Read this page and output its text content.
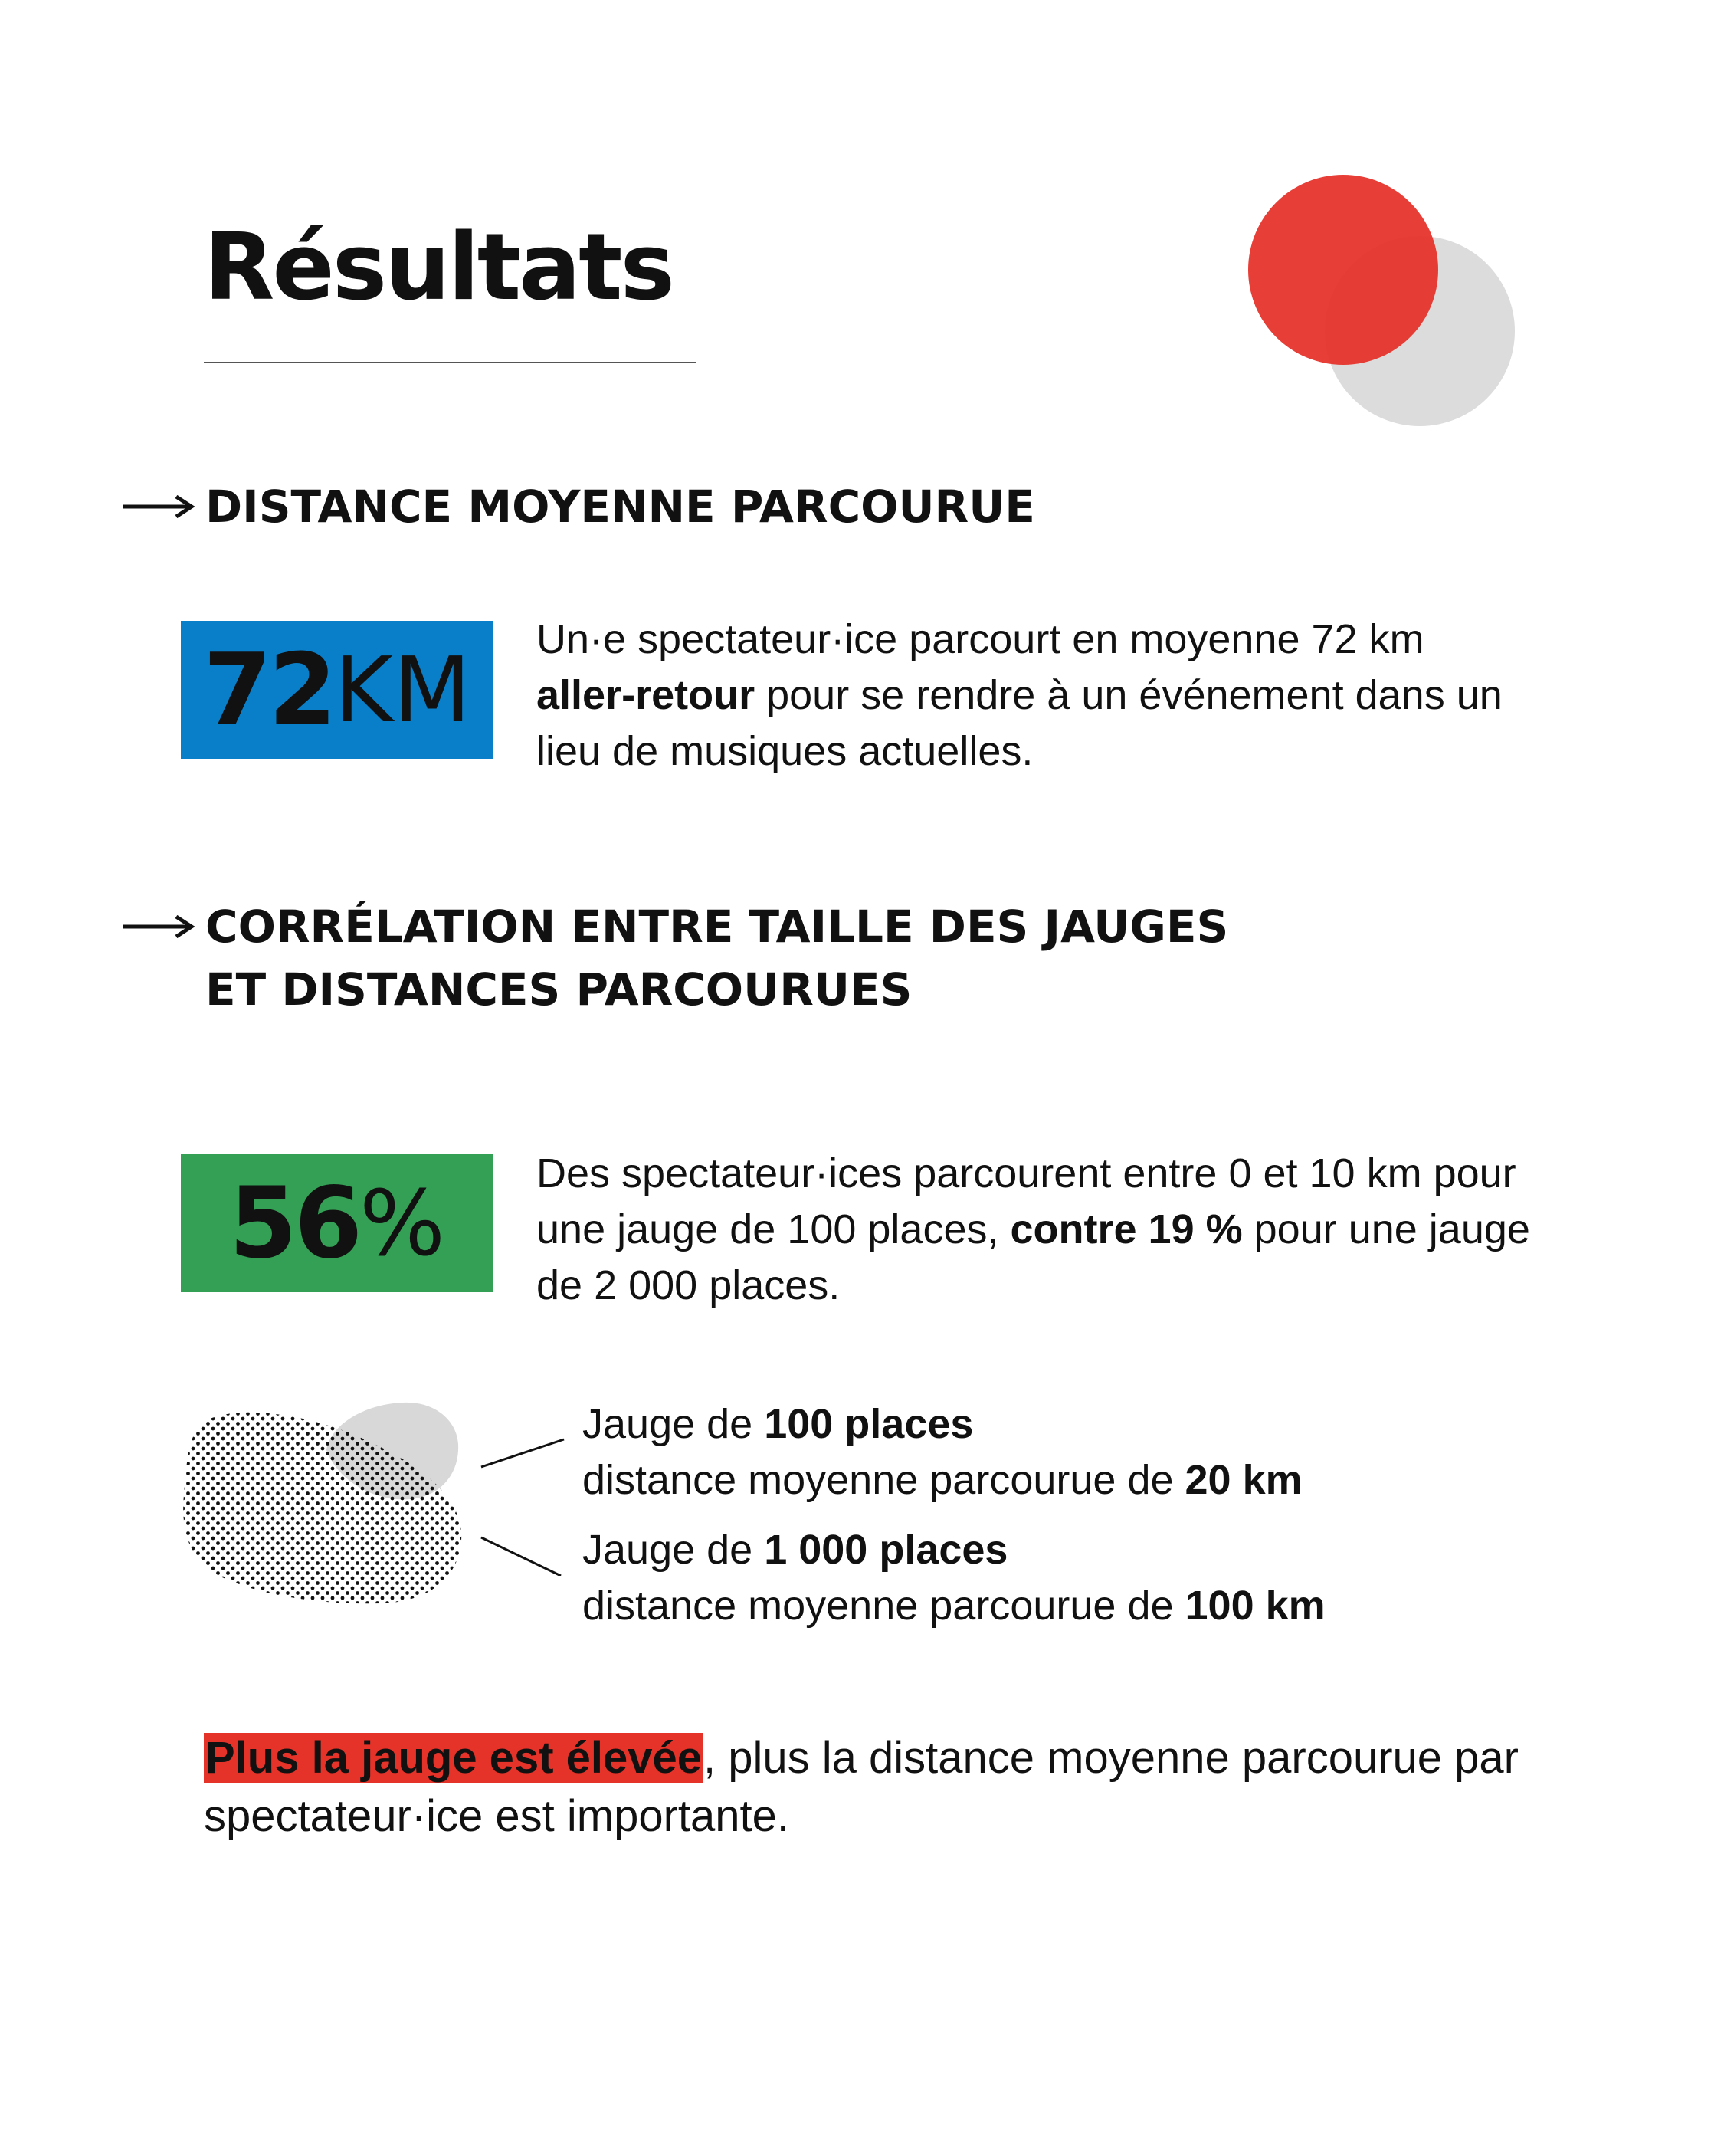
Résultats
DISTANCE MOYENNE PARCOURUE
72 KM Un·e spectateur·ice parcourt en moyenne 72 km
aller-retour pour se rendre à un événement dans un lieu de musiques actuelles.

CORRÉLATION ENTRE TAILLE DES JAUGES
ET DISTANCES PARCOURUES
56 % Des spectateur·ices parcourent entre 0 et 10 km pour une jauge de 100 places, contre 19 % pour une jauge de 2 000 places.

Jauge de 100 places
distance moyenne parcourue de 20 km

Jauge de 1 000 places
distance moyenne parcourue de 100 km

Plus la jauge est élevée, plus la distance moyenne parcourue par spectateur·ice est importante.
